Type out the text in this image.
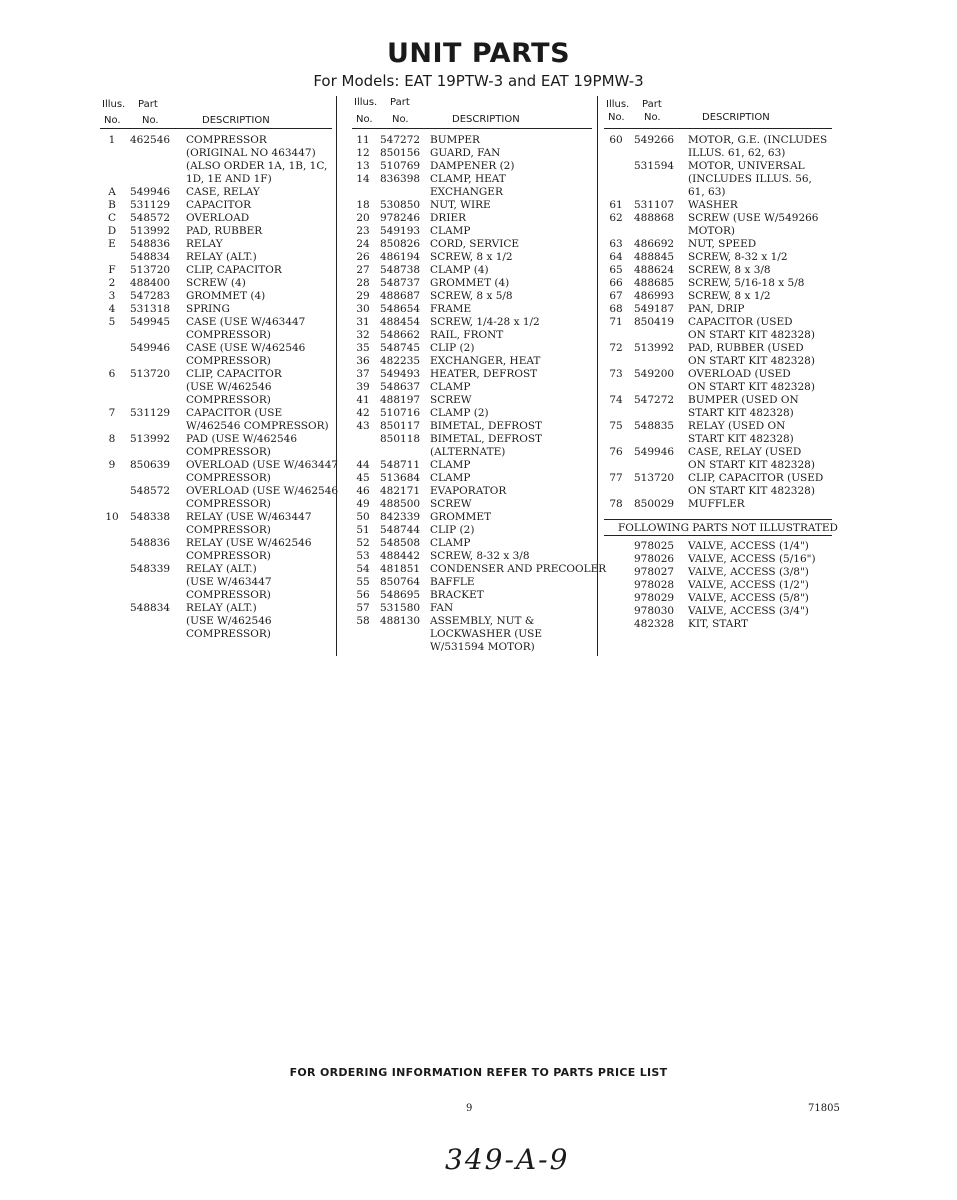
UNIT PARTS
For Models: EAT 19PTW-3 and EAT 19PMW-3
Illus. Part
No. No.	DESCRIPTION
1	462546	COMPRESSOR
(ORIGINAL NO 463447)
(ALSO ORDER 1A, 1B, 1C,
1D, 1E AND 1F)
A	549946	CASE, RELAY
B	531129	CAPACITOR
C	548572	OVERLOAD
D	513992	PAD, RUBBER
E	548836	RELAY
548834	RELAY (ALT.)
F	513720	CLIP, CAPACITOR
2	488400	SCREW (4)
3	547283	GROMMET (4)
4	531318	SPRING
5	549945	CASE (USE W/463447
COMPRESSOR)
549946	CASE (USE W/462546
COMPRESSOR)
6	513720	CLIP, CAPACITOR
(USE W/462546
COMPRESSOR)
7	531129	CAPACITOR (USE
W/462546 COMPRESSOR)
8	513992	PAD (USE W/462546
COMPRESSOR)
9	850639	OVERLOAD (USE W/463447
COMPRESSOR)
548572	OVERLOAD (USE W/462546
COMPRESSOR)
10	548338	RELAY (USE W/463447
COMPRESSOR)
548836	RELAY (USE W/462546
COMPRESSOR)
548339	RELAY (ALT.)
(USE W/463447
COMPRESSOR)
548834	RELAY (ALT.)
(USE W/462546
COMPRESSOR)
Illus. Part
No. No.	DESCRIPTION
11 547272 BUMPER
12 850156 GUARD, FAN
13 510769 DAMPENER (2)
14 836398 CLAMP, HEAT
EXCHANGER
18 530850 NUT, WIRE
20 978246 DRIER
23 549193 CLAMP
24 850826 CORD, SERVICE
26 486194 SCREW, 8 x 1/2
27 548738 CLAMP (4)
28 548737 GROMMET (4)
29 488687 SCREW, 8 x 5/8
30 548654 FRAME
31 488454 SCREW, 1/4-28 x 1/2
32 548662 RAIL, FRONT
35 548745 CLIP (2)
36 482235 EXCHANGER, HEAT
37 549493 HEATER, DEFROST
39 548637 CLAMP
41 488197 SCREW
42 510716 CLAMP (2)
43 850117 BIMETAL, DEFROST
850118 BIMETAL, DEFROST
(ALTERNATE)
44 548711 CLAMP
45 513684 CLAMP
46 482171 EVAPORATOR
49 488500 SCREW
50 842339 GROMMET
51 548744 CLIP (2)
52 548508 CLAMP
53 488442 SCREW, 8-32 x 3/8
54 481851 CONDENSER AND PRECOOLER
55 850764 BAFFLE
56 548695 BRACKET
57 531580 FAN
58 488130 ASSEMBLY, NUT &
LOCKWASHER (USE
W/531594 MOTOR)
Illus. Part
No. No.	DESCRIPTION
60	549266	MOTOR, G.E. (INCLUDES
ILLUS. 61, 62, 63)
531594	MOTOR, UNIVERSAL
(INCLUDES ILLUS. 56,
61, 63)
61	531107	WASHER
62	488868	SCREW (USE W/549266
MOTOR)
63	486692	NUT, SPEED
64	488845	SCREW, 8-32 x 1/2
65	488624	SCREW, 8 x 3/8
66	488685	SCREW, 5/16-18 x 5/8
67	486993	SCREW, 8 x 1/2
68	549187	PAN, DRIP
71	850419	CAPACITOR (USED
ON START KIT 482328)
72	513992	PAD, RUBBER (USED
ON START KIT 482328)
73	549200	OVERLOAD (USED
ON START KIT 482328)
74	547272	BUMPER (USED ON
START KIT 482328)
75	548835	RELAY (USED ON
START KIT 482328)
76	549946	CASE, RELAY (USED
ON START KIT 482328)
77	513720	CLIP, CAPACITOR (USED
ON START KIT 482328)
78	850029	MUFFLER
FOLLOWING PARTS NOT ILLUSTRATED
978025	VALVE, ACCESS (1/4")
978026	VALVE, ACCESS (5/16")
978027	VALVE, ACCESS (3/8")
978028	VALVE, ACCESS (1/2")
978029	VALVE, ACCESS (5/8")
978030	VALVE, ACCESS (3/4")
482328	KIT, START
FOR ORDERING INFORMATION REFER TO PARTS PRICE LIST
9	71805
349-A-9
